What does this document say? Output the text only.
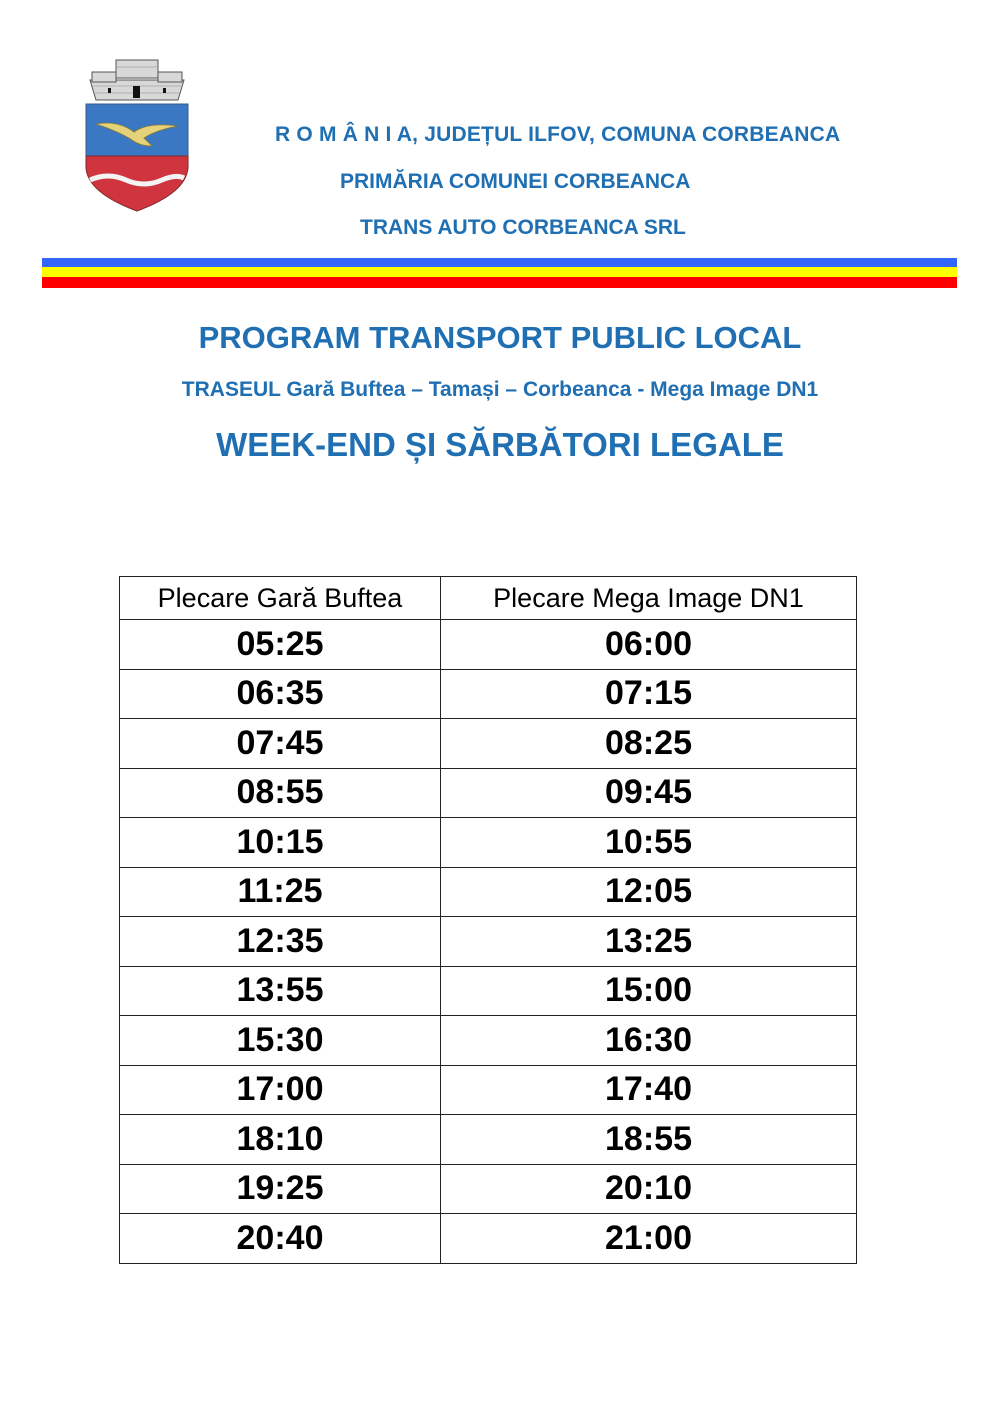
R O M Â N I A, JUDEȚUL ILFOV, COMUNA CORBEANCA
PRIMĂRIA COMUNEI CORBEANCA
TRANS AUTO CORBEANCA SRL
PROGRAM TRANSPORT PUBLIC LOCAL
TRASEUL Gară Buftea – Tamași – Corbeanca - Mega Image DN1
WEEK-END ȘI SĂRBĂTORI LEGALE
Plecare Gară Buftea	Plecare Mega Image DN1
05:25	06:00
06:35	07:15
07:45	08:25
08:55	09:45
10:15	10:55
11:25	12:05
12:35	13:25
13:55	15:00
15:30	16:30
17:00	17:40
18:10	18:55
19:25	20:10
20:40	21:00
